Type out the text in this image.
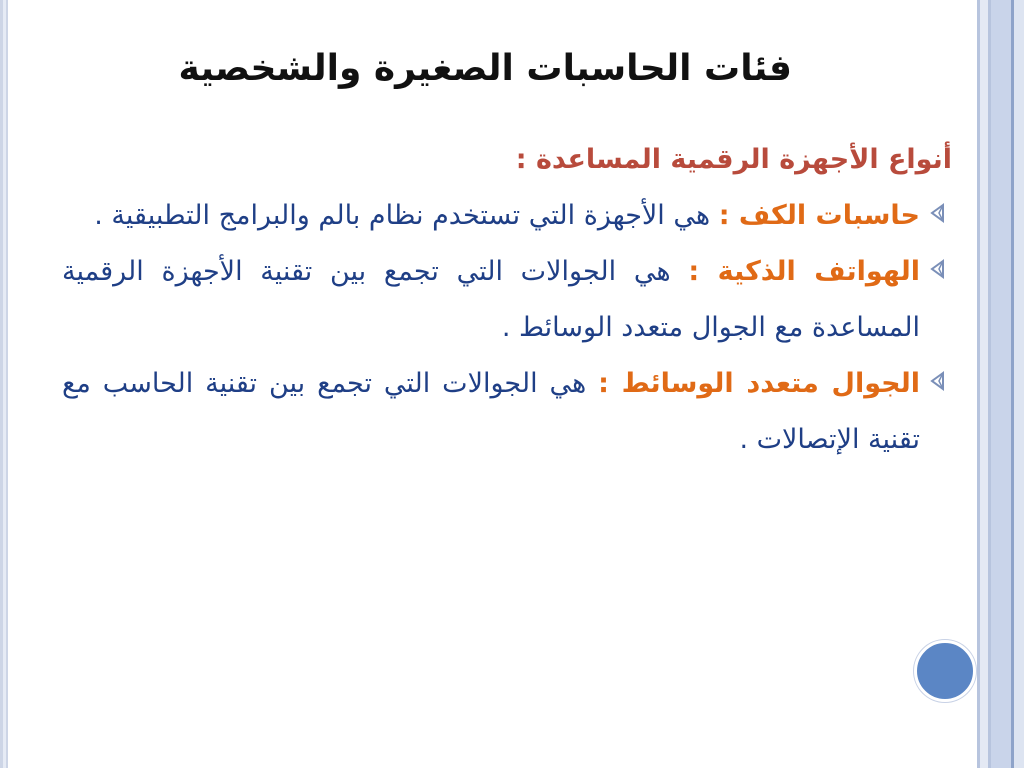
فئات الحاسبات الصغيرة والشخصية

أنواع الأجهزة الرقمية المساعدة :

حاسبات الكف : هي الأجهزة التي تستخدم نظام بالم والبرامج التطبيقية .

الهواتف الذكية : هي الجوالات التي تجمع بين تقنية الأجهزة الرقمية المساعدة مع الجوال متعدد الوسائط .

الجوال متعدد الوسائط : هي الجوالات التي تجمع بين تقنية الحاسب مع تقنية الإتصالات .
